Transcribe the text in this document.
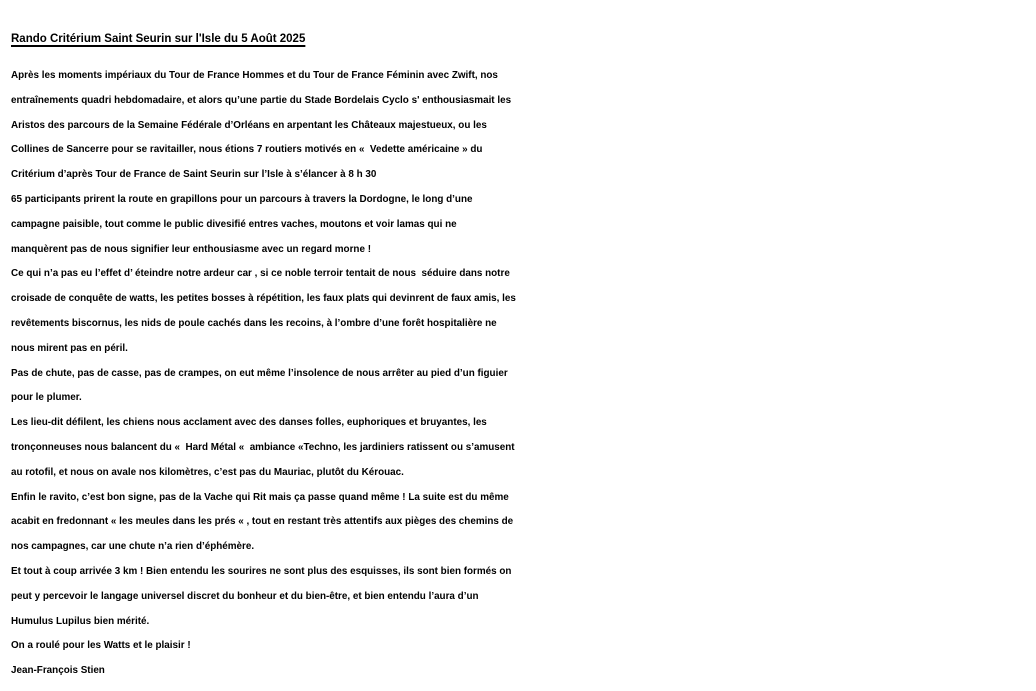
Rando Critérium Saint Seurin sur l'Isle du 5 Août 2025
Après les moments impériaux du Tour de France Hommes et du Tour de France Féminin avec Zwift, nos
entraînements quadri hebdomadaire, et alors qu’une partie du Stade Bordelais Cyclo s' enthousiasmait les
Aristos des parcours de la Semaine Fédérale d’Orléans en arpentant les Châteaux majestueux, ou les
Collines de Sancerre pour se ravitailler, nous étions 7 routiers motivés en «  Vedette américaine » du
Critérium d’après Tour de France de Saint Seurin sur l’Isle à s’élancer à 8 h 30
65 participants prirent la route en grapillons pour un parcours à travers la Dordogne, le long d’une
campagne paisible, tout comme le public divesifié entres vaches, moutons et voir lamas qui ne
manquèrent pas de nous signifier leur enthousiasme avec un regard morne !
Ce qui n’a pas eu l’effet d’ éteindre notre ardeur car , si ce noble terroir tentait de nous  séduire dans notre
croisade de conquête de watts, les petites bosses à répétition, les faux plats qui devinrent de faux amis, les
revêtements biscornus, les nids de poule cachés dans les recoins, à l’ombre d’une forêt hospitalière ne
nous mirent pas en péril.
Pas de chute, pas de casse, pas de crampes, on eut même l’insolence de nous arrêter au pied d’un figuier
pour le plumer.
Les lieu-dit défilent, les chiens nous acclament avec des danses folles, euphoriques et bruyantes, les
tronçonneuses nous balancent du «  Hard Métal «  ambiance «Techno, les jardiniers ratissent ou s’amusent
au rotofil, et nous on avale nos kilomètres, c’est pas du Mauriac, plutôt du Kérouac.
Enfin le ravito, c’est bon signe, pas de la Vache qui Rit mais ça passe quand même ! La suite est du même
acabit en fredonnant « les meules dans les prés « , tout en restant très attentifs aux pièges des chemins de
nos campagnes, car une chute n’a rien d’éphémère.
Et tout à coup arrivée 3 km ! Bien entendu les sourires ne sont plus des esquisses, ils sont bien formés on
peut y percevoir le langage universel discret du bonheur et du bien-être, et bien entendu l’aura d’un
Humulus Lupilus bien mérité.
On a roulé pour les Watts et le plaisir !
Jean-François Stien
